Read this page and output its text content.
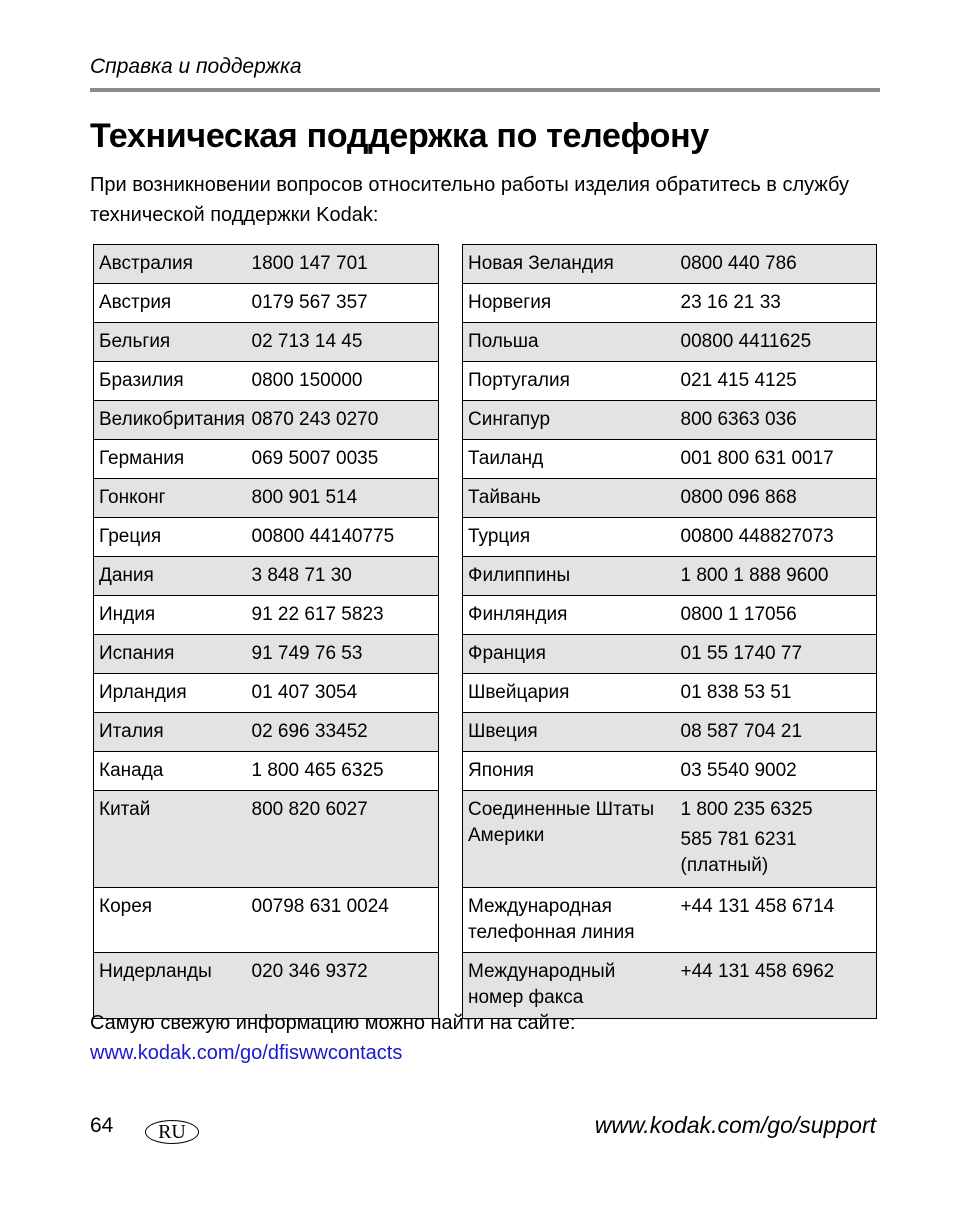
Справка и поддержка
Техническая поддержка по телефону

При возникновении вопросов относительно работы изделия обратитесь в службу технической поддержки Kodak:

Австралия	1800 147 701
Австрия	0179 567 357
Бельгия	02 713 14 45
Бразилия	0800 150000
Великобритания	0870 243 0270
Германия	069 5007 0035
Гонконг	800 901 514
Греция	00800 44140775
Дания	3 848 71 30
Индия	91 22 617 5823
Испания	91 749 76 53
Ирландия	01 407 3054
Италия	02 696 33452
Канада	1 800 465 6325
Китай	800 820 6027
Корея	00798 631 0024
Нидерланды	020 346 9372
Новая Зеландия	0800 440 786
Норвегия	23 16 21 33
Польша	00800 4411625
Португалия	021 415 4125
Сингапур	800 6363 036
Таиланд	001 800 631 0017
Тайвань	0800 096 868
Турция	00800 448827073
Филиппины	1 800 1 888 9600
Финляндия	0800 1 17056
Франция	01 55 1740 77
Швейцария	01 838 53 51
Швеция	08 587 704 21
Япония	03 5540 9002

Соединенные Штаты
Америки	1 800 235 6325
585 781 6231
(платный)

Международная
телефонная линия	+44 131 458 6714

Международный
номер факса	+44 131 458 6962
Самую свежую информацию можно найти на сайте:
www.kodak.com/go/dfiswwcontacts
64	RU	www.kodak.com/go/support
